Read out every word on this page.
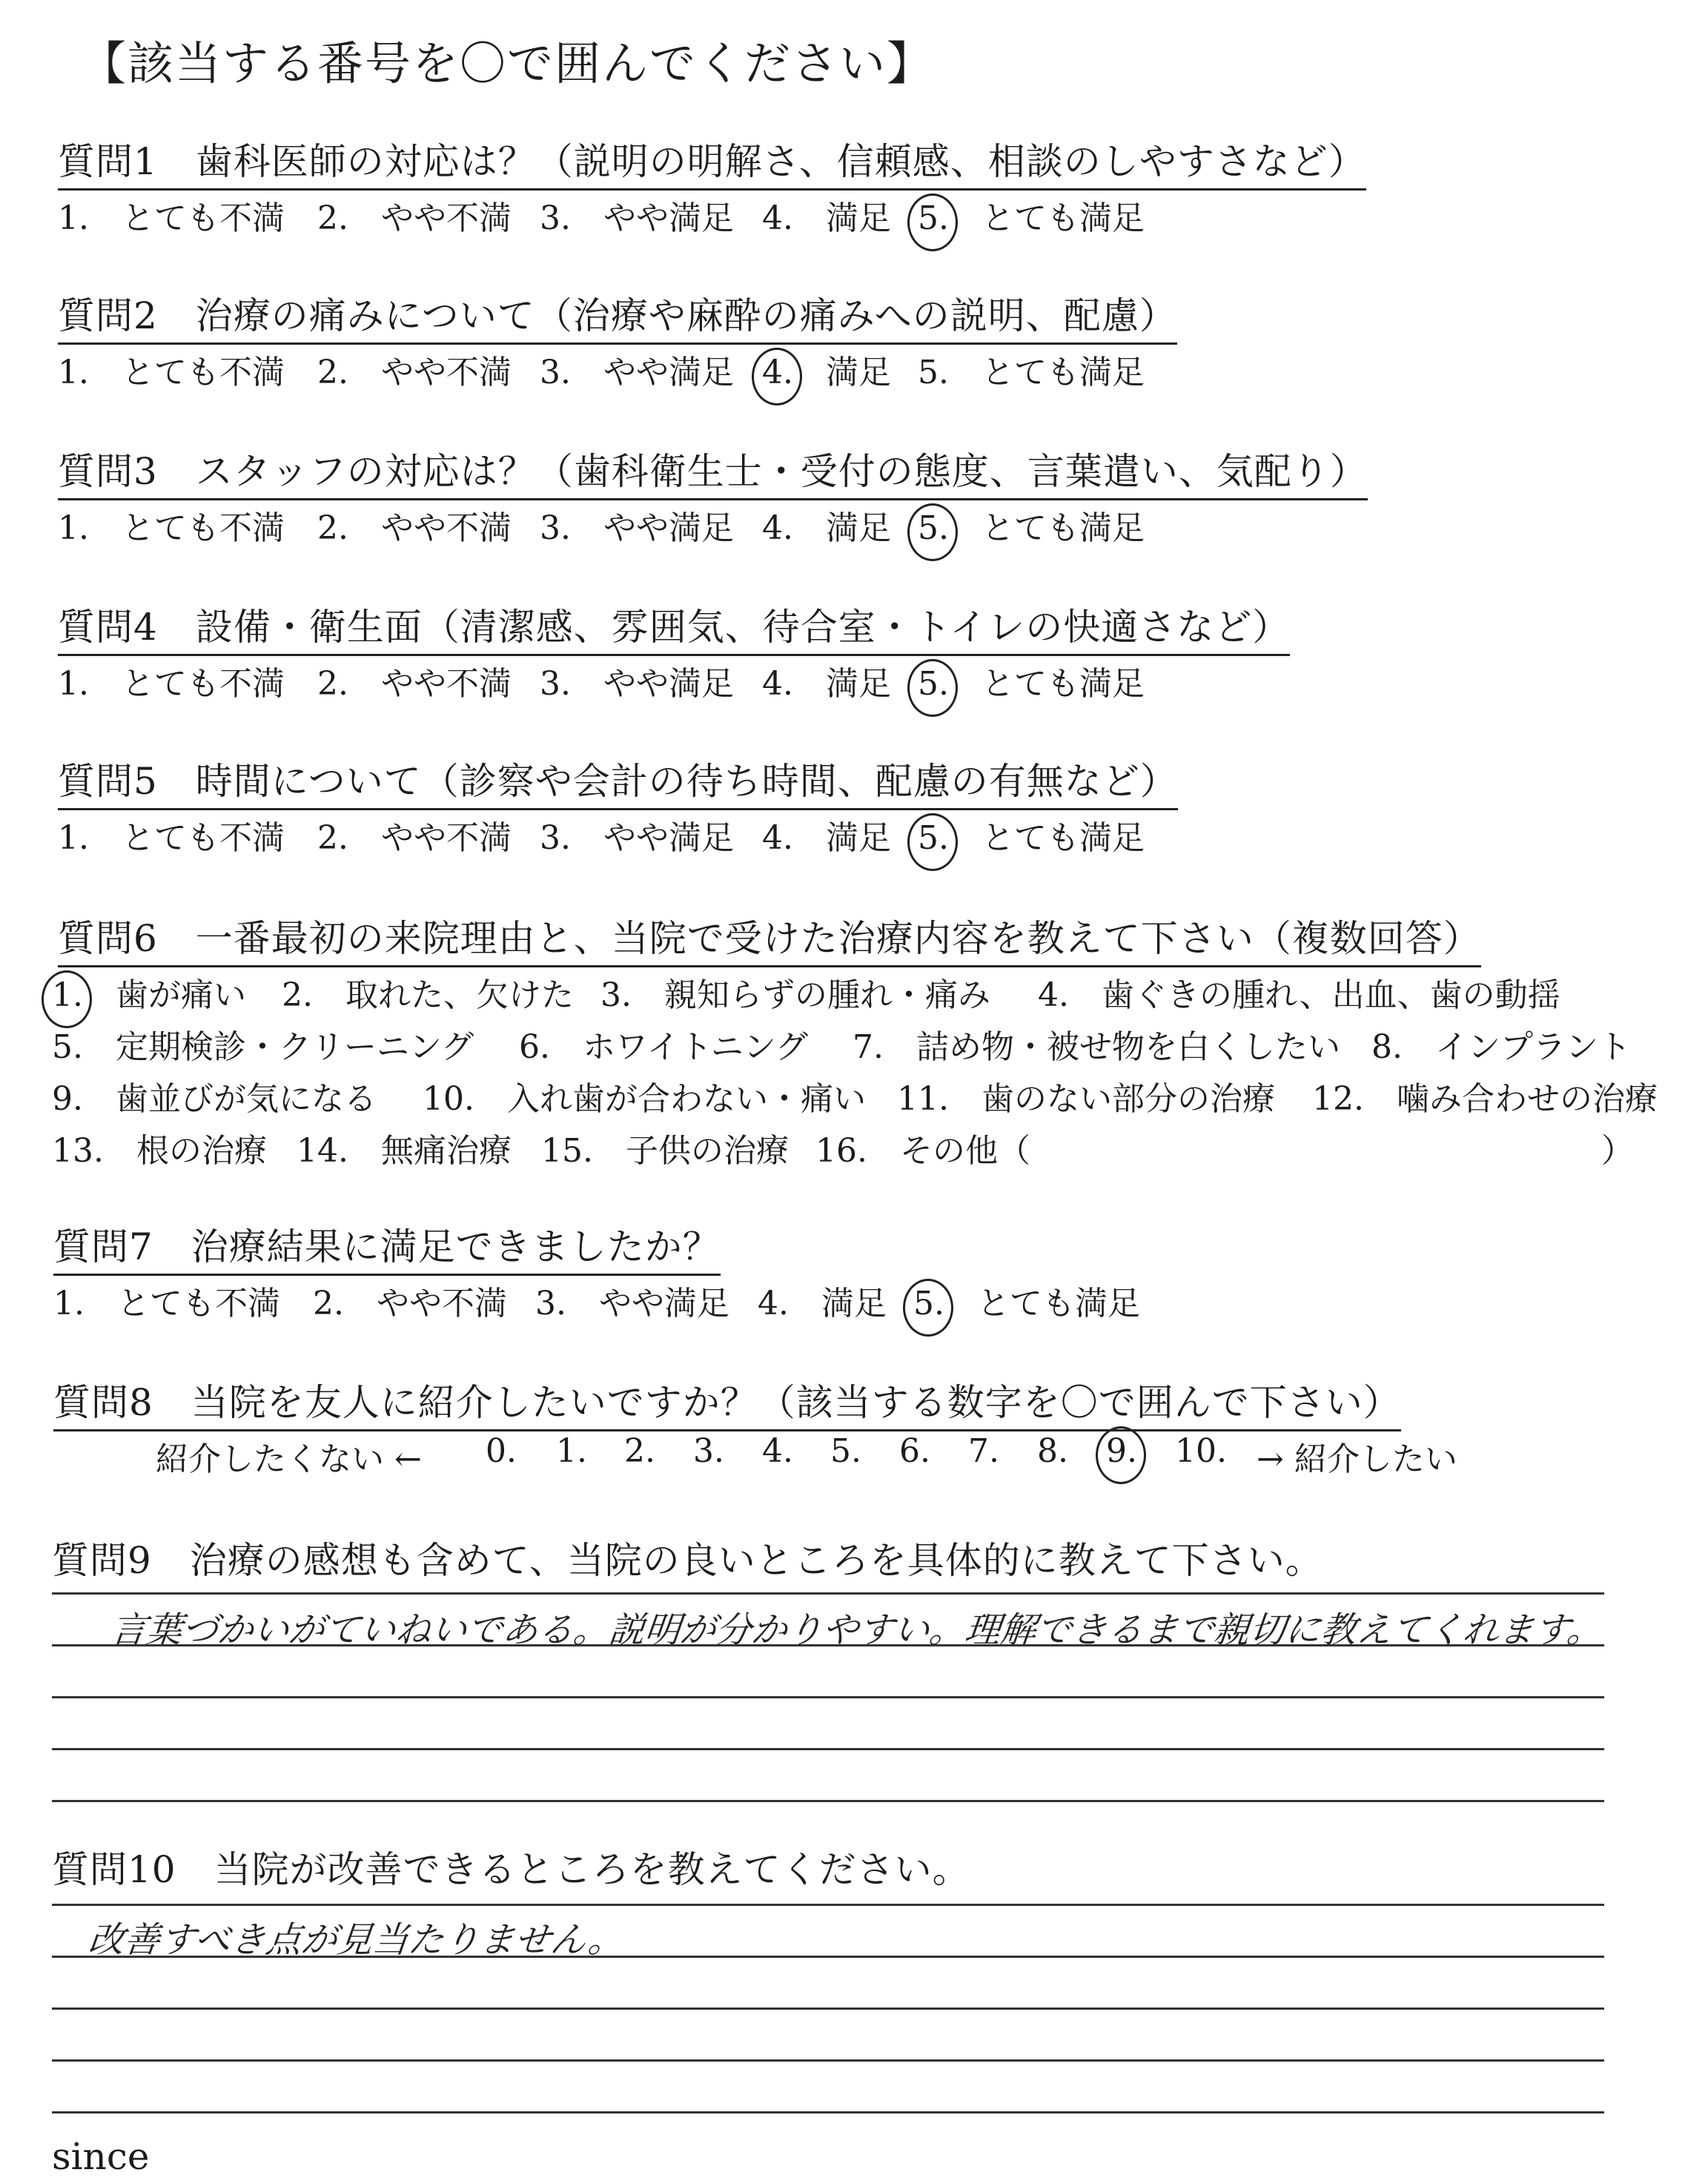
【該当する番号を〇で囲んでください】
質問1　歯科医師の対応は？（説明の明解さ、信頼感、相談のしやすさなど）
1.　 とても不満 2.　 やや不満 3.　 やや満足 4.　 満足 5.　 とても満足
質問2　治療の痛みについて（治療や麻酔の痛みへの説明、配慮）
1.　 とても不満 2.　 やや不満 3.　 やや満足 4.　 満足 5.　 とても満足
質問3　スタッフの対応は？（歯科衛生士・受付の態度、言葉遣い、気配り）
1.　 とても不満 2.　 やや不満 3.　 やや満足 4.　 満足 5.　 とても満足
質問4　設備・衛生面（清潔感、雰囲気、待合室・トイレの快適さなど）
1.　 とても不満 2.　 やや不満 3.　 やや満足 4.　 満足 5.　 とても満足
質問5　時間について（診察や会計の待ち時間、配慮の有無など）
1.　 とても不満 2.　 やや不満 3.　 やや満足 4.　 満足 5.　 とても満足
質問6　一番最初の来院理由と、当院で受けた治療内容を教えて下さい（複数回答）
1.　 歯が痛い 2.　 取れた、欠けた 3.　 親知らずの腫れ・痛み 4.　 歯ぐきの腫れ、出血、歯の動揺
5.　 定期検診・クリーニング 6.　 ホワイトニング 7.　 詰め物・被せ物を白くしたい 8.　 インプラント
9.　 歯並びが気になる 10.　 入れ歯が合わない・痛い 11.　 歯のない部分の治療 12.　 噛み合わせの治療
13.　 根の治療 14.　 無痛治療 15.　 子供の治療 16.　 その他（	）
質問7　治療結果に満足できましたか？
1.　 とても不満 2.　 やや不満 3.　 やや満足 4.　 満足 5.　 とても満足
質問8　当院を友人に紹介したいですか？（該当する数字を〇で囲んで下さい）
紹介したくない ← 0. 1. 2. 3. 4. 5. 6. 7. 8. 9. 10. → 紹介したい
質問9　治療の感想も含めて、当院の良いところを具体的に教えて下さい。
言葉づかいがていねいである。説明が分かりやすい。理解できるまで親切に教えてくれます。
質問10　当院が改善できるところを教えてください。
改善すべき点が見当たりません。
since
